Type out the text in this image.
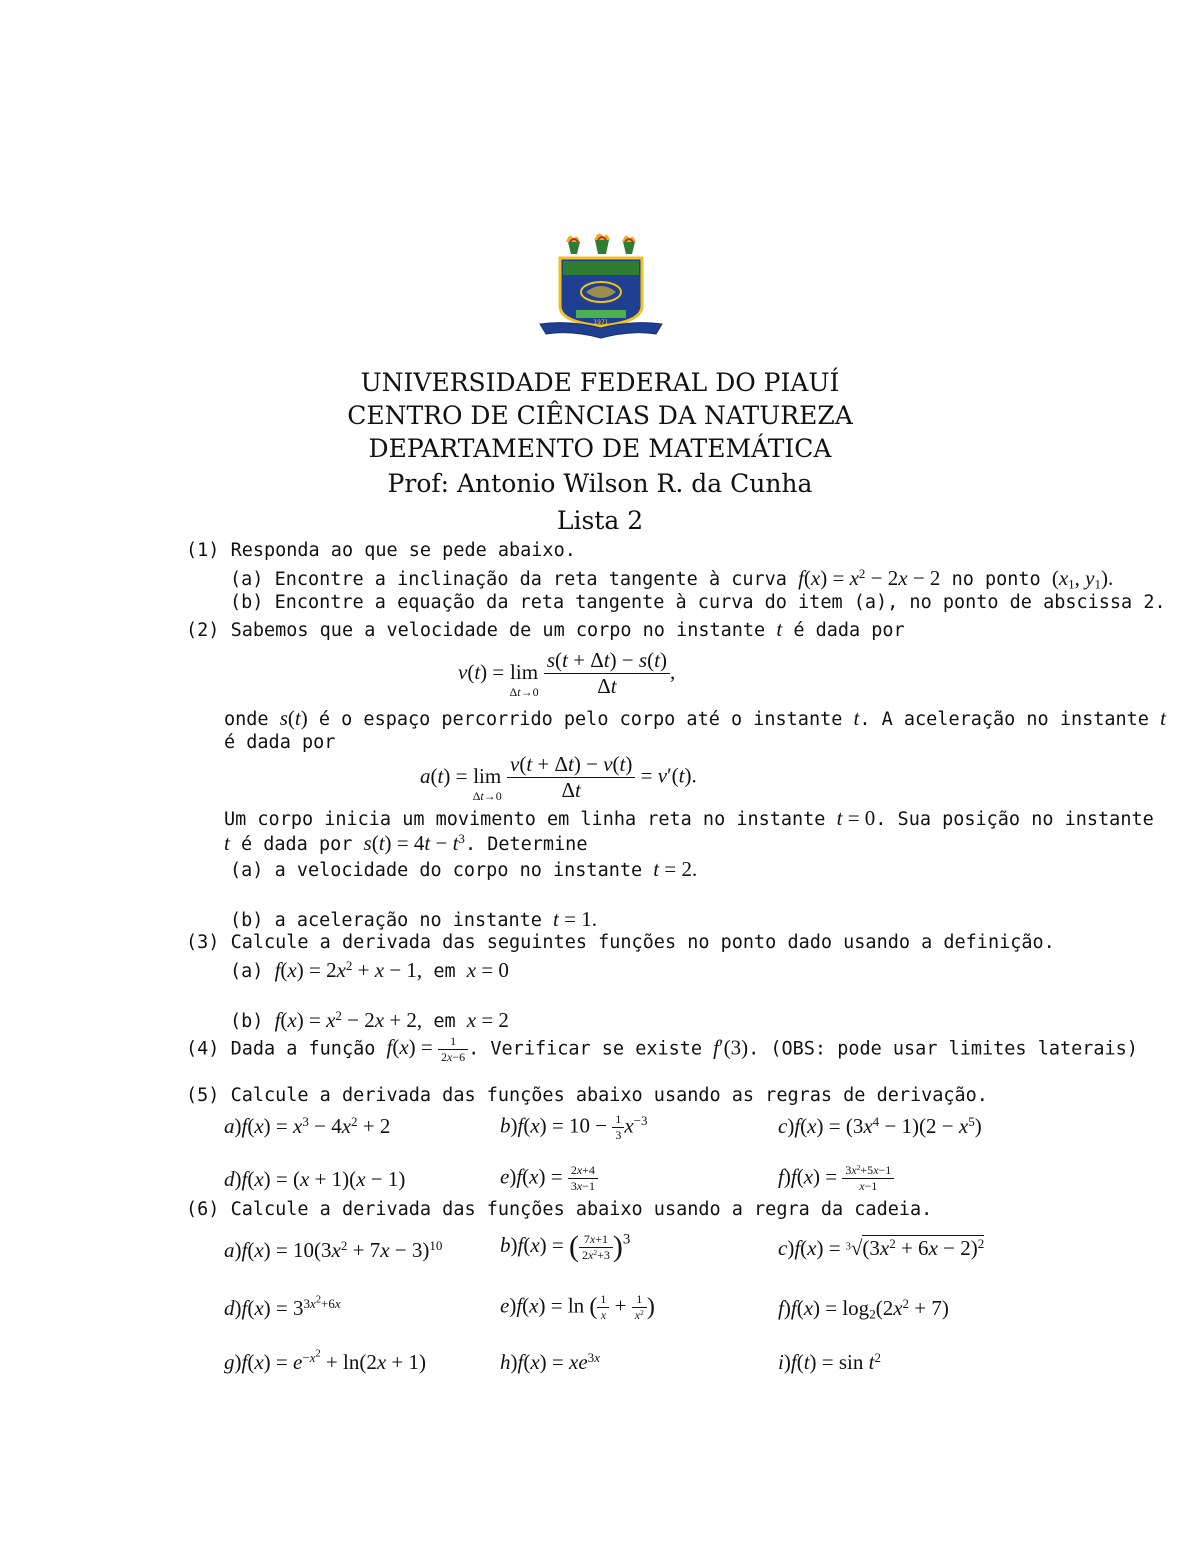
1971
UNIVERSIDADE FEDERAL DO PIAUÍ
CENTRO DE CIÊNCIAS DA NATUREZA
DEPARTAMENTO DE MATEMÁTICA
Prof: Antonio Wilson R. da Cunha
Lista 2
(1) Responda ao que se pede abaixo.
(a) Encontre a inclinação da reta tangente à curva $f(x) = x^2 - 2x - 2$ no ponto ($x_1$, $y_1$).
(b) Encontre a equação da reta tangente à curva do item (a), no ponto de abscissa 2.
(2) Sabemos que a velocidade de um corpo no instante t é dada por
v(t) = lim
Δt→0
$\frac{s(t + \Delta t) - s(t)}{\Delta t}$ ,
onde s(t) é o espaço percorrido pelo corpo até o instante t. A aceleração no instante t
é dada por
a(t) = lim
Δt→0
$\frac{v(t + \Delta t) - v(t)}{\Delta t} = v'(t)$.
Um corpo inicia um movimento em linha reta no instante t = 0. Sua posição no instante
t é dada por $s(t) = 4t - t^3$. Determine
(a) a velocidade do corpo no instante t = 2.
(b) a aceleração no instante t = 1.
(3) Calcule a derivada das seguintes funções no ponto dado usando a definição.
(a) $f(x) = 2x^2 + x - 1$, em x = 0
(b) $f(x) = x^2 - 2x + 2$, em x = 2
(4) Dada a função $f(x) = \frac{1}{2x-6}$ . Verificar se existe f′(3). (OBS: pode usar limites laterais)
(5) Calcule a derivada das funções abaixo usando as regras de derivação.
$a)f(x) = x^3 - 4x^2 + 2$	$b)f(x) = 10 - \frac{1}{3} x^{-3}$	$c)f(x) = (3x^4 - 1)(2 - x^5)$
d)f(x) = (x + 1)(x − 1)	$e)f(x) = \frac{2x+4}{3x-1}$	$f)f(x) = \frac{3x^2+5x-1}{x-1}$
(6) Calcule a derivada das funções abaixo usando a regra da cadeia.
$a)f(x) = 10(3x^2 + 7x - 3)^{10}$	b)f(x) = ( $\frac{7x+1}{2x^2+3} )^3$	$c)f(x) = ^3√(3x^2 + 6x - 2)^2$
$d)f(x) = 3^{3x^2+6x}$	e)f(x) = ln ( $\frac{1}{x} + \frac{1}{x^2}$ )	$f)f(x) = \log_2(2x^2 + 7)$
$g)f(x) = e^{-x^2} + \ln(2x + 1)$	$h)f(x) = xe^{3x}$	$i)f(t) = \sin t^2$
